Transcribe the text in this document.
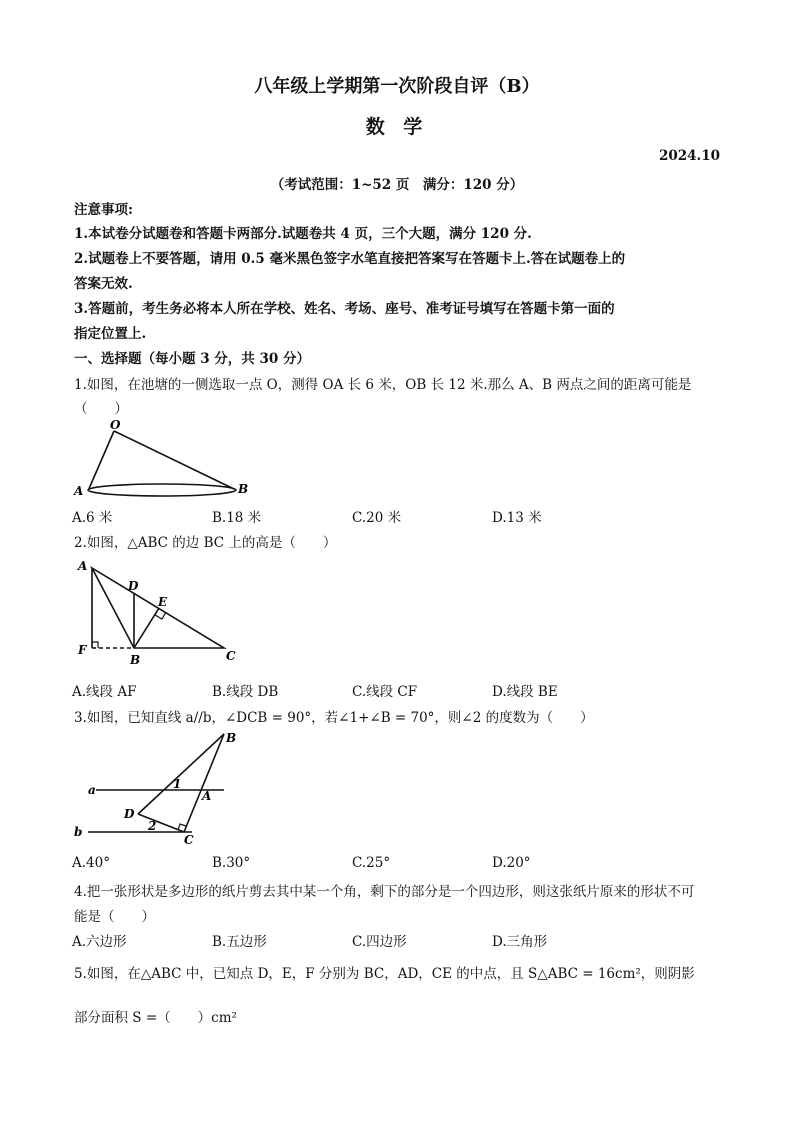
八年级上学期第一次阶段自评（B）
数 学
2024.10
（考试范围：1~52 页　满分：120 分）
注意事项:
1.本试卷分试题卷和答题卡两部分.试题卷共 4 页，三个大题，满分 120 分.
2.试题卷上不要答题，请用 0.5 毫米黑色签字水笔直接把答案写在答题卡上.答在试题卷上的
答案无效.
3.答题前，考生务必将本人所在学校、姓名、考场、座号、准考证号填写在答题卡第一面的
指定位置上.
一、选择题（每小题 3 分，共 30 分）
1.如图，在池塘的一侧选取一点 O，测得 OA 长 6 米，OB 长 12 米.那么 A、B 两点之间的距离可能是
（　　）
O
A	B
A.6 米	B.18 米	C.20 米	D.13 米
2.如图，△ABC 的边 BC 上的高是（　　）
A
D
E
F
B	C
A.线段 AF	B.线段 DB	C.线段 CF	D.线段 BE
3.如图，已知直线 a//b，∠DCB = 90°，若∠1+∠B = 70°，则∠2 的度数为（　　）
B
a	1
A
D
2
b
C
A.40°	B.30°	C.25°	D.20°
4.把一张形状是多边形的纸片剪去其中某一个角，剩下的部分是一个四边形，则这张纸片原来的形状不可
能是（　　）
A.六边形	B.五边形	C.四边形	D.三角形
5.如图，在△ABC 中，已知点 D，E，F 分别为 BC，AD，CE 的中点，且 S△ABC = 16cm²，则阴影
部分面积 S =（　　）cm²
